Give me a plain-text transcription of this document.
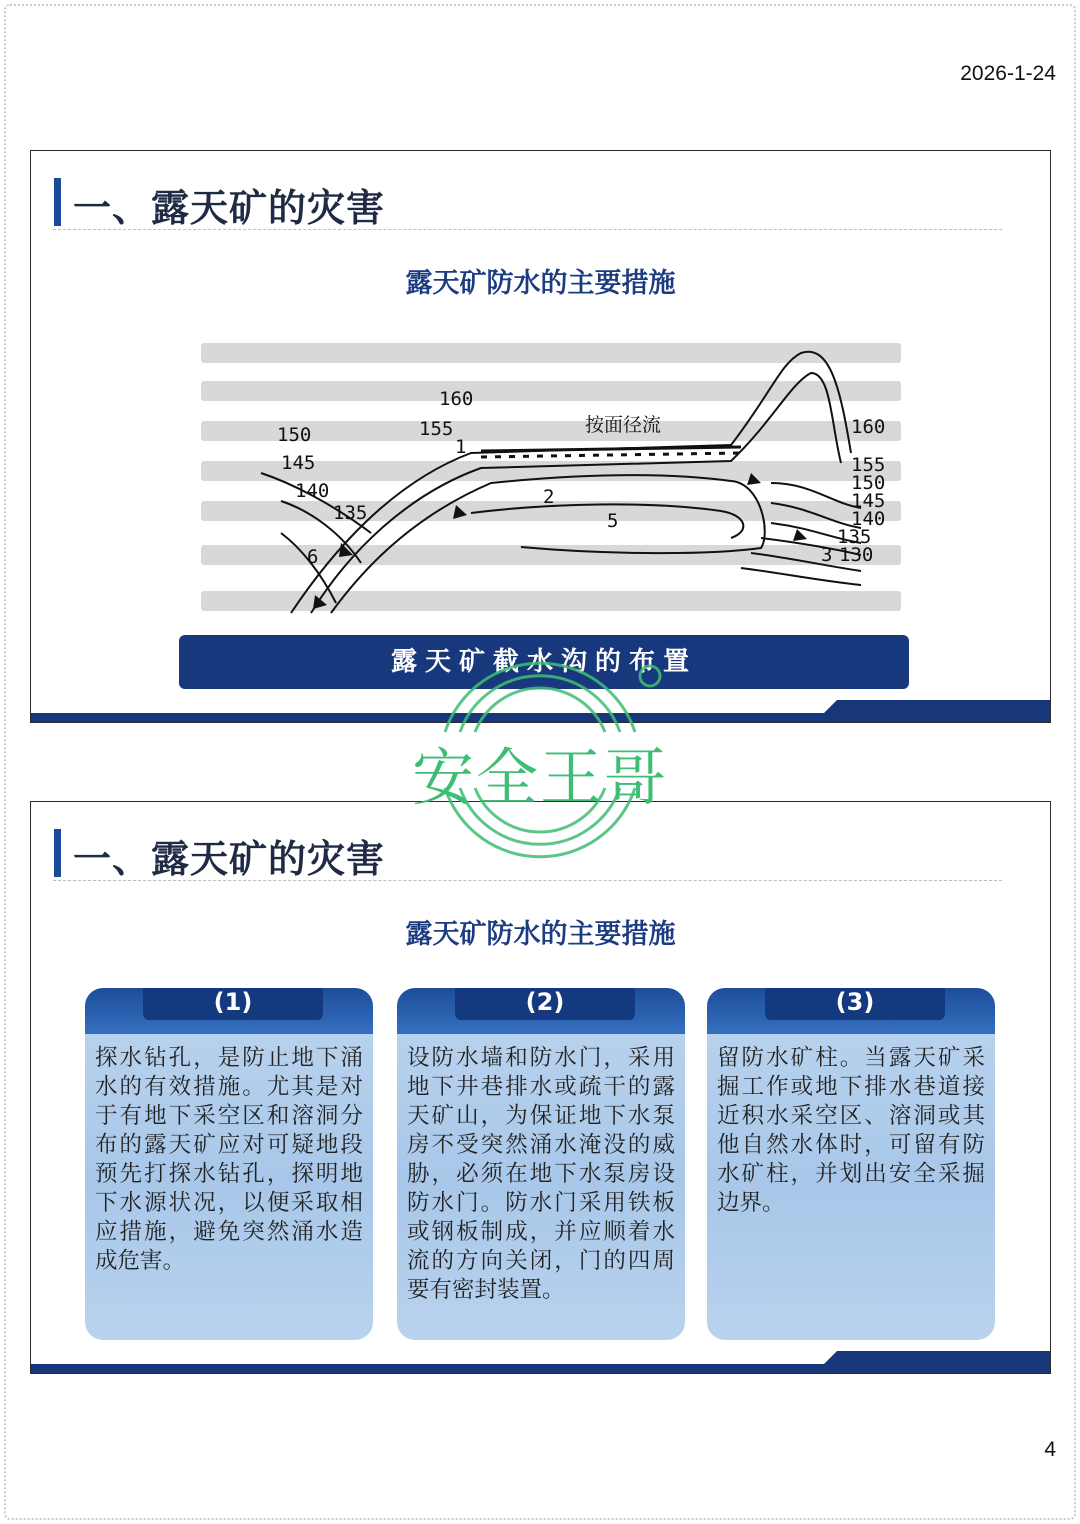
2026-1-24
一、露天矿的灾害
露天矿防水的主要措施
160
155
150
145
140
135
按面径流	160
155
150
145
140
135
130
1
2
3
5
6
露天矿截水沟的布置
一、露天矿的灾害
露天矿防水的主要措施
(1)
探水钻孔，是防止地下涌水的有效措施。尤其是对于有地下采空区和溶洞分布的露天矿应对可疑地段预先打探水钻孔，探明地下水源状况，以便采取相应措施，避免突然涌水造成危害。
(2)
设防水墙和防水门，采用地下井巷排水或疏干的露天矿山，为保证地下水泵房不受突然涌水淹没的威胁，必须在地下水泵房设防水门。防水门采用铁板或钢板制成，并应顺着水流的方向关闭，门的四周要有密封装置。
(3)
留防水矿柱。当露天矿采掘工作或地下排水巷道接近积水采空区、溶洞或其他自然水体时，可留有防水矿柱，并划出安全采掘边界。
安全王哥
4
